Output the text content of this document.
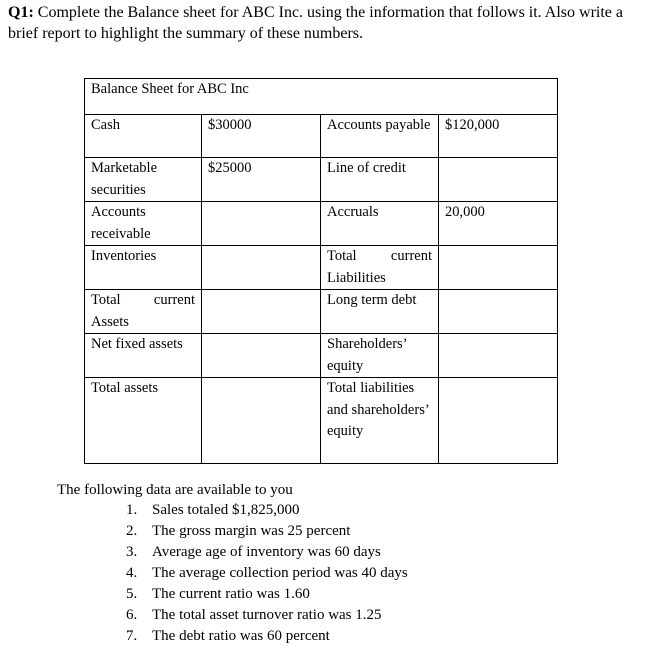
Q1: Complete the Balance sheet for ABC Inc. using the information that follows it. Also write a brief report to highlight the summary of these numbers.
Balance Sheet for ABC Inc			
Cash	$30000	Accounts payable	$120,000
Marketable securities	$25000	Line of credit	
Accounts receivable		Accruals	20,000
Inventories		Total current Liabilities	
Total current Assets		Long term debt	
Net fixed assets		Shareholders’ equity	
Total assets		Total liabilities and shareholders’ equity	
The following data are available to you
1. Sales totaled $1,825,000
2. The gross margin was 25 percent
3. Average age of inventory was 60 days
4. The average collection period was 40 days
5. The current ratio was 1.60
6. The total asset turnover ratio was 1.25
7. The debt ratio was 60 percent
